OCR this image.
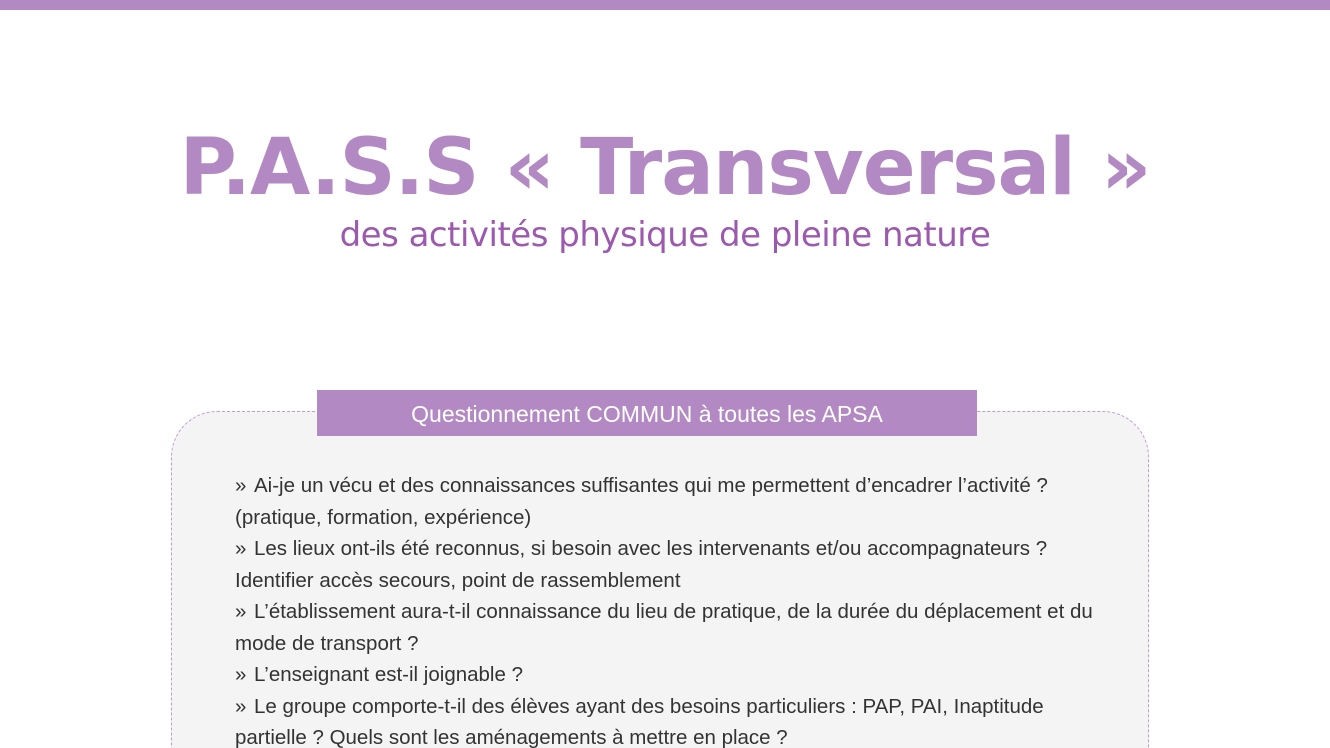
P.A.S.S « Transversal »
des activités physique de pleine nature
Questionnement COMMUN à toutes les APSA
» Ai-je un vécu et des connaissances suffisantes qui me permettent d’encadrer l’activité ? (pratique, formation, expérience)
» Les lieux ont-ils été reconnus, si besoin avec les intervenants et/ou accompagnateurs ? Identifier accès secours, point de rassemblement
» L’établissement aura-t-il connaissance du lieu de pratique, de la durée du déplacement et du mode de transport ?
» L’enseignant est-il joignable ?
» Le groupe comporte-t-il des élèves ayant des besoins particuliers : PAP, PAI, Inaptitude partielle ? Quels sont les aménagements à mettre en place ?
